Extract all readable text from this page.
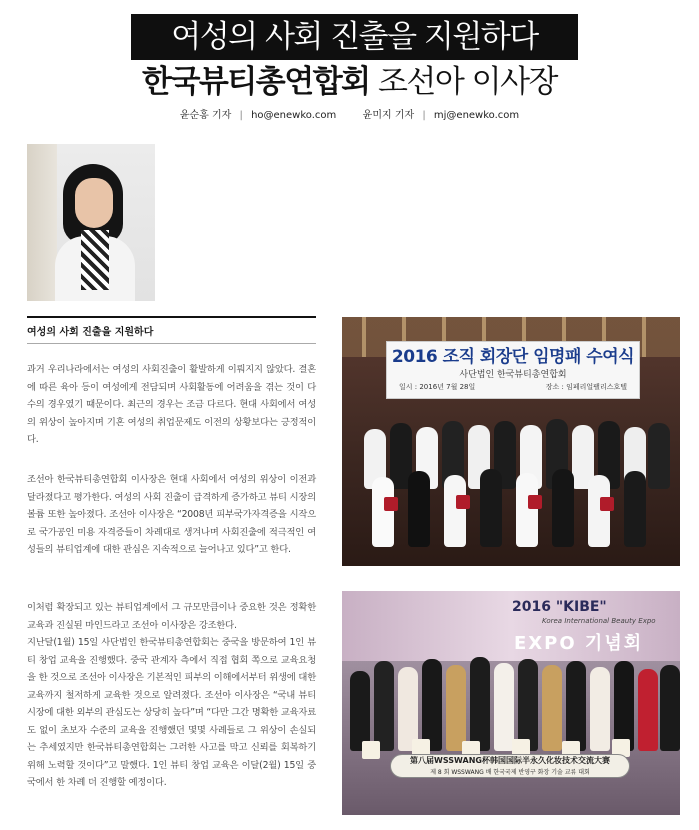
여성의 사회 진출을 지원하다
한국뷰티총연합회 조선아 이사장
윤순홍 기자 | ho@enewko.com	윤미지 기자 | mj@enewko.com
여성의 사회 진출을 지원하다

과거 우리나라에서는 여성의 사회진출이 활발하게 이뤄지지 않았다. 결혼에 따른 육아 등이 여성에게 전담되며 사회활동에 어려움을 겪는 것이 다수의 경우였기 때문이다. 최근의 경우는 조금 다르다. 현대 사회에서 여성의 위상이 높아지며 기혼 여성의 취업문제도 이전의 상황보다는 긍정적이다.

조선아 한국뷰티총연합회 이사장은 현대 사회에서 여성의 위상이 이전과 달라졌다고 평가한다. 여성의 사회 진출이 급격하게 증가하고 뷰티 시장의 볼륨 또한 높아졌다. 조선아 이사장은 “2008년 피부국가자격증을 시작으로 국가공인 미용 자격증들이 차례대로 생겨나며 사회진출에 적극적인 여성들의 뷰티업계에 대한 관심은 지속적으로 늘어나고 있다”고 한다.

이처럼 확장되고 있는 뷰티업계에서 그 규모만큼이나 중요한 것은 정확한 교육과 진실된 마인드라고 조선아 이사장은 강조한다.
지난달(1월) 15일 사단법인 한국뷰티총연합회는 중국을 방문하여 1인 뷰티 창업 교육을 진행했다. 중국 관계자 측에서 직접 협회 쪽으로 교육요청을 한 것으로 조선아 이사장은 기본적인 피부의 이해에서부터 위생에 대한 교육까지 철저하게 교육한 것으로 알려졌다. 조선아 이사장은 “국내 뷰티 시장에 대한 외부의 관심도는 상당히 높다”며 “다만 그간 명확한 교육자료도 없이 초보자 수준의 교육을 진행했던 몇몇 사례들로 그 위상이 손실되는 추세였지만 한국뷰티총연합회는 그러한 사고를 막고 신뢰를 회복하기 위해 노력할 것이다”고 말했다. 1인 뷰티 창업 교육은 이달(2월) 15일 중국에서 한 차례 더 진행할 예정이다.

2016 조직 회장단 임명패 수여식
사단법인 한국뷰티총연합회
일시 : 2016년 7월 28일	장소 : 임페리얼팰리스호텔
2016 "KIBE"
Korea International Beauty Expo
EXPO 기념회
第八届WSSWANG杯韩国国际半永久化妆技术交流大赛
제 8 회 WSSWANG 배 한국국제 반영구 화장 기술 교류 대회
